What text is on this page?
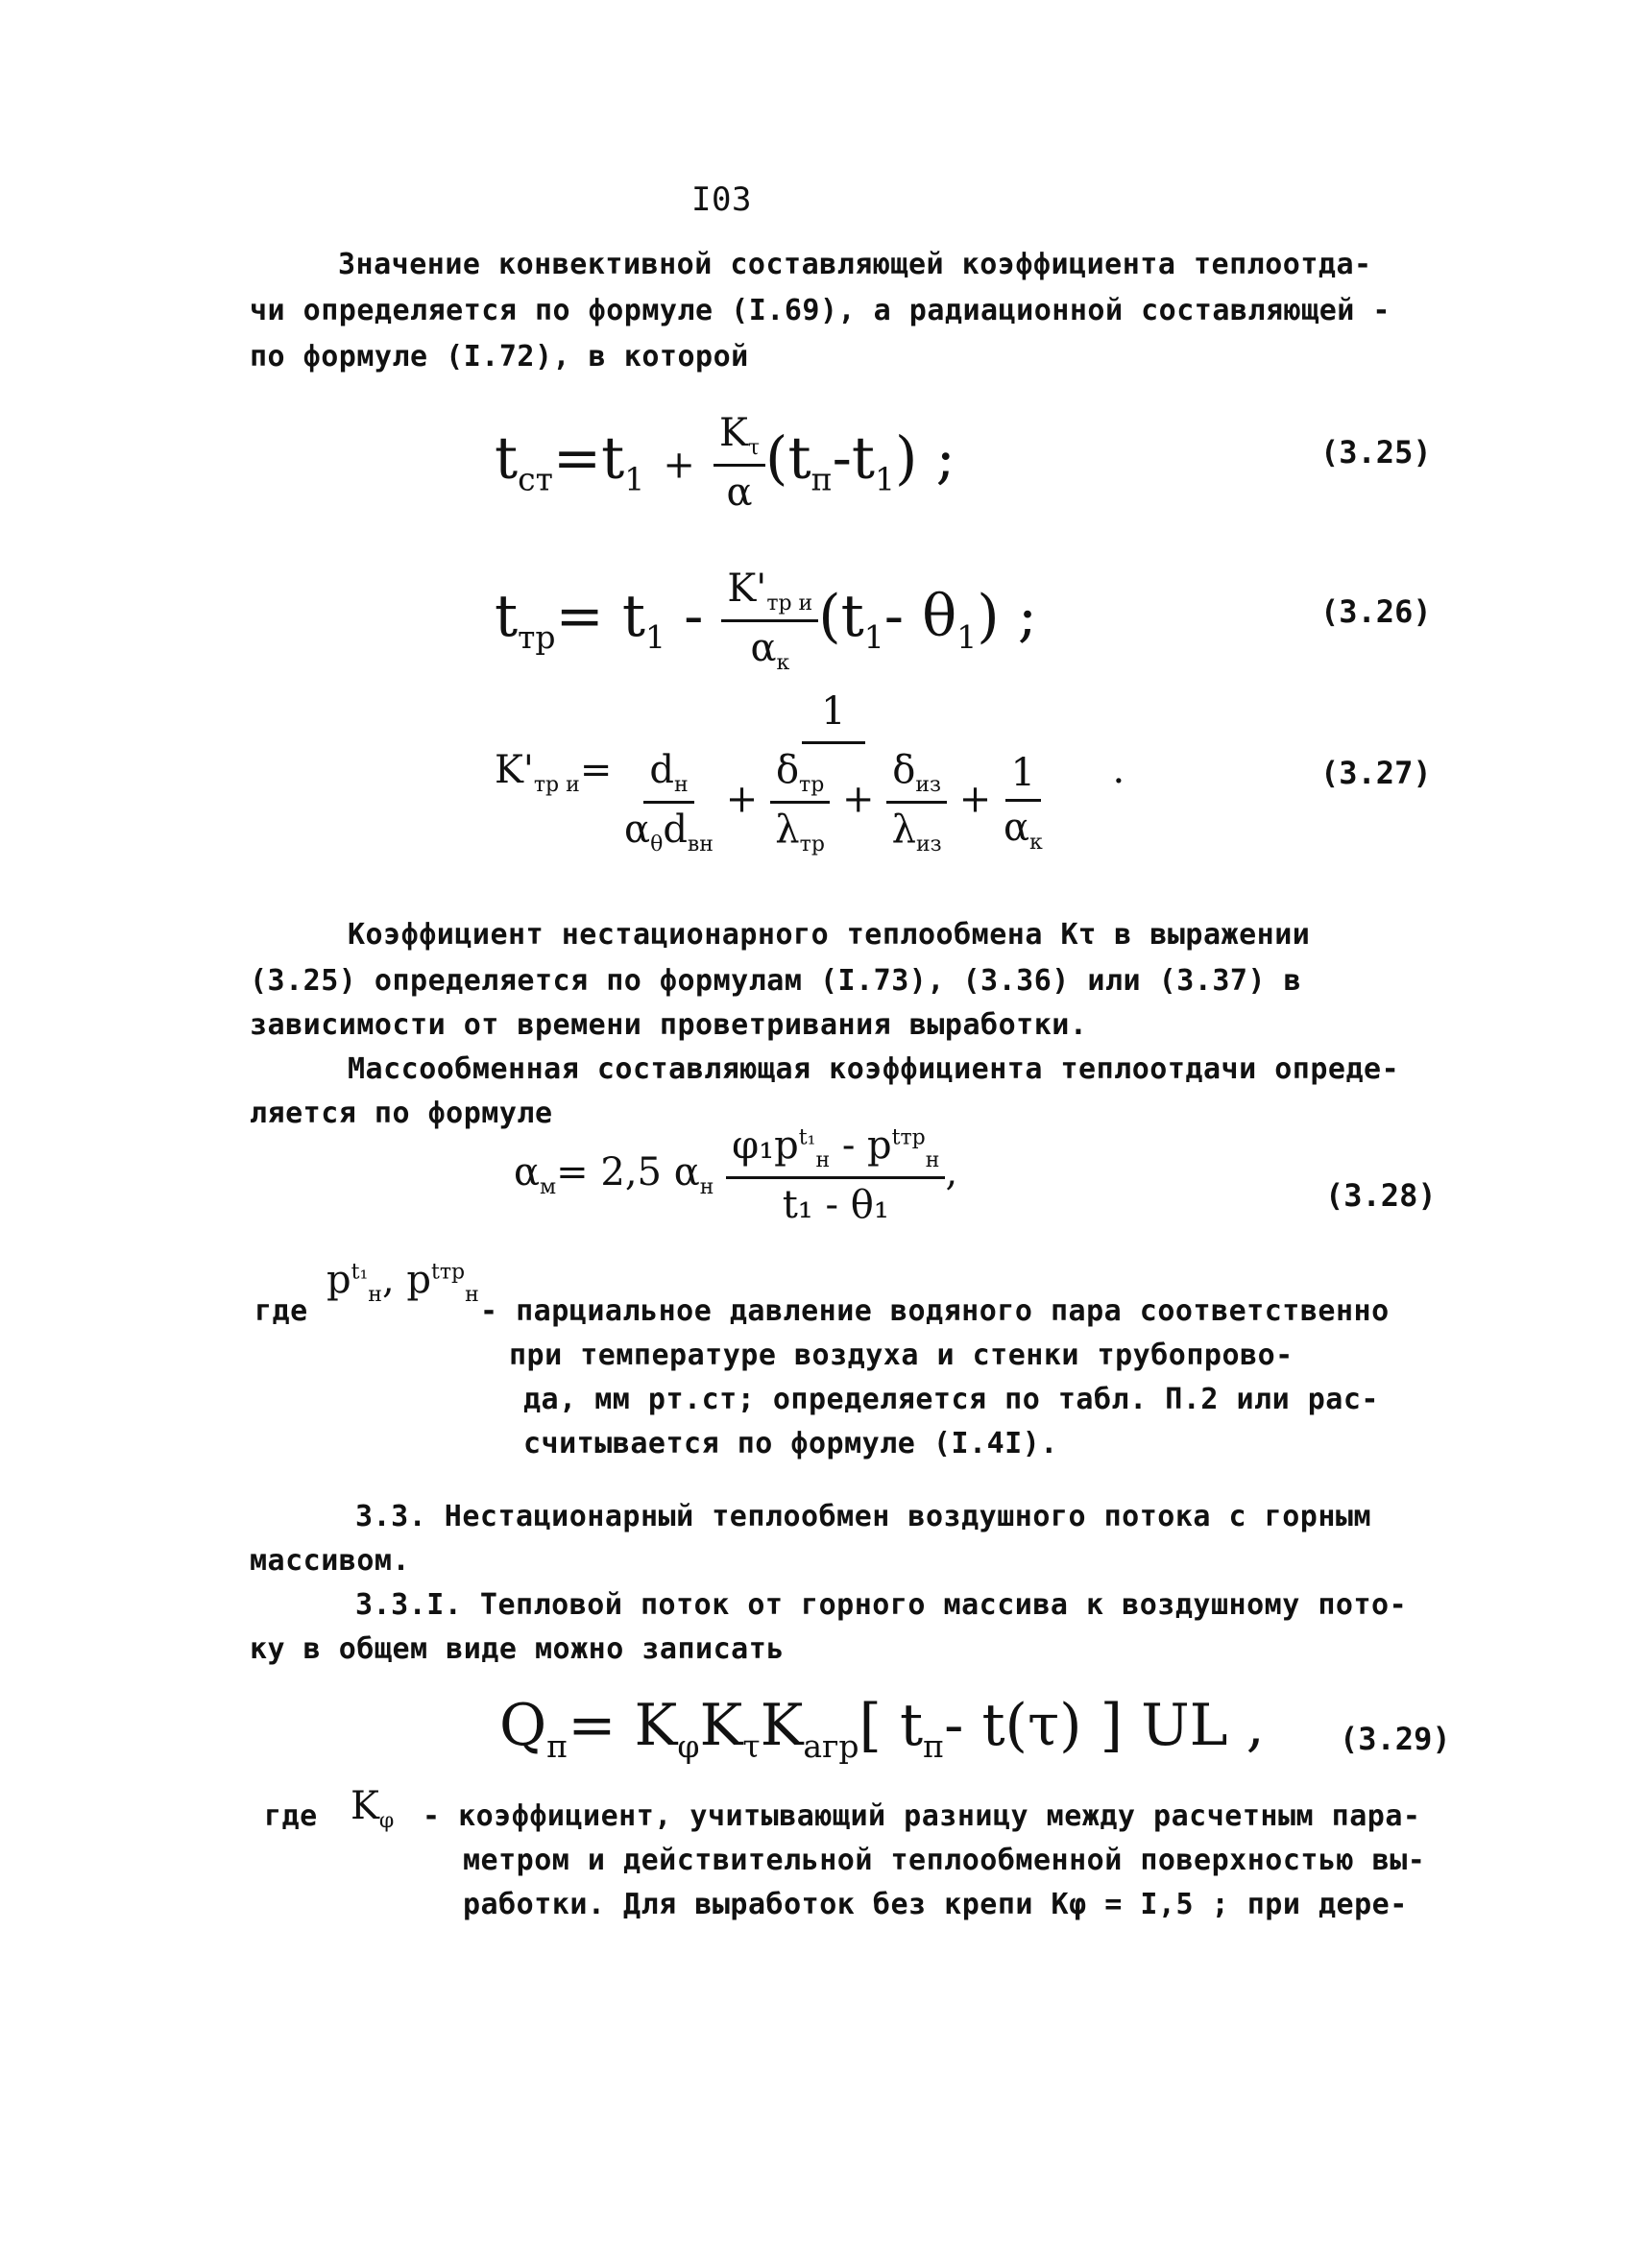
I03
Значение конвективной составляющей коэффициента теплоотда-
чи определяется по формуле (I.69), а радиационной составляющей -
по формуле (I.72), в которой
$t_{ст}=t_1 + \frac{K_\tau}{\alpha} (t_п-t_1)$ ;	(3.25)
$t_{тр}= t_1 - \frac{K'_{тр и}}{\alpha_к} (t_1-$ $\theta_1$) ;	(3.26)
$K'_{тр и}=$
1
$\frac{d_н}{\alpha_\theta d_{вн}} + \frac{\delta_{тр}}{\lambda_{тр}} + \frac{\delta_{из}}{\lambda_{из}} + \frac{1}{\alpha_к}$ .	(3.27)
Коэффициент нестационарного теплообмена Kτ в выражении
(3.25) определяется по формулам (I.73), (3.36) или (3.37) в
зависимости от времени проветривания выработки.
Массообменная составляющая коэффициента теплоотдачи опреде-
ляется по формуле
$\alpha_м= 2,5$ $\alpha_н \frac{\varphi_1p^{t_1}_н - p^{tтр}_н}{\text{t₁ - θ₁}}$ ,
(3.28)
где
$p^{t_1}_н$, $p^{tтр}_н$ - парциальное давление водяного пара соответственно
при температуре воздуха и стенки трубопрово-
да, мм рт.ст; определяется по табл. П.2 или рас-
считывается по формуле (I.4I).
3.3. Нестационарный теплообмен воздушного потока с горным
массивом.
3.3.I. Тепловой поток от горного массива к воздушному пото-
ку в общем виде можно записать
$Q_п= K_\varphi K_\tau K_{агр}$[ $t_п-$ t(τ) ] UL , (3.29)
где $K_\varphi$ - коэффициент, учитывающий разницу между расчетным пара-
метром и действительной теплообменной поверхностью вы-
работки. Для выработок без крепи Kφ = I,5 ; при дере-
